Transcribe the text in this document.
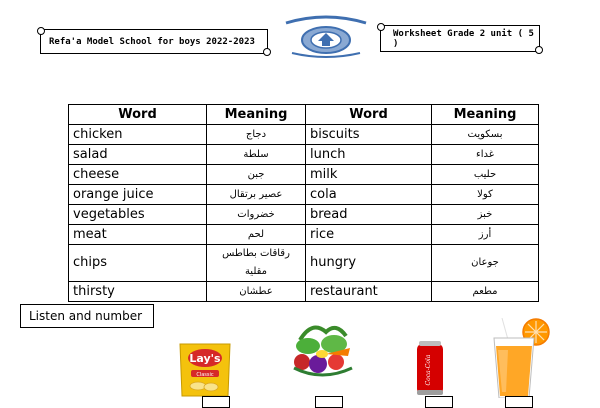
Refa'a Model School for boys 2022-2023
Worksheet Grade 2 unit ( 5 )
Word	Meaning	Word	Meaning
chicken	دجاج	biscuits	بسكويت
salad	سلطة	lunch	غداء
cheese	جبن	milk	حليب
orange juice	عصير برتقال	cola	كولا
vegetables	خضروات	bread	خبز
meat	لحم	rice	أرز
chips	رقاقات بطاطس مقلية	hungry	جوعان
thirsty	عطشان	restaurant	مطعم
Listen and number
Lay's
Classic	Coca-Cola
